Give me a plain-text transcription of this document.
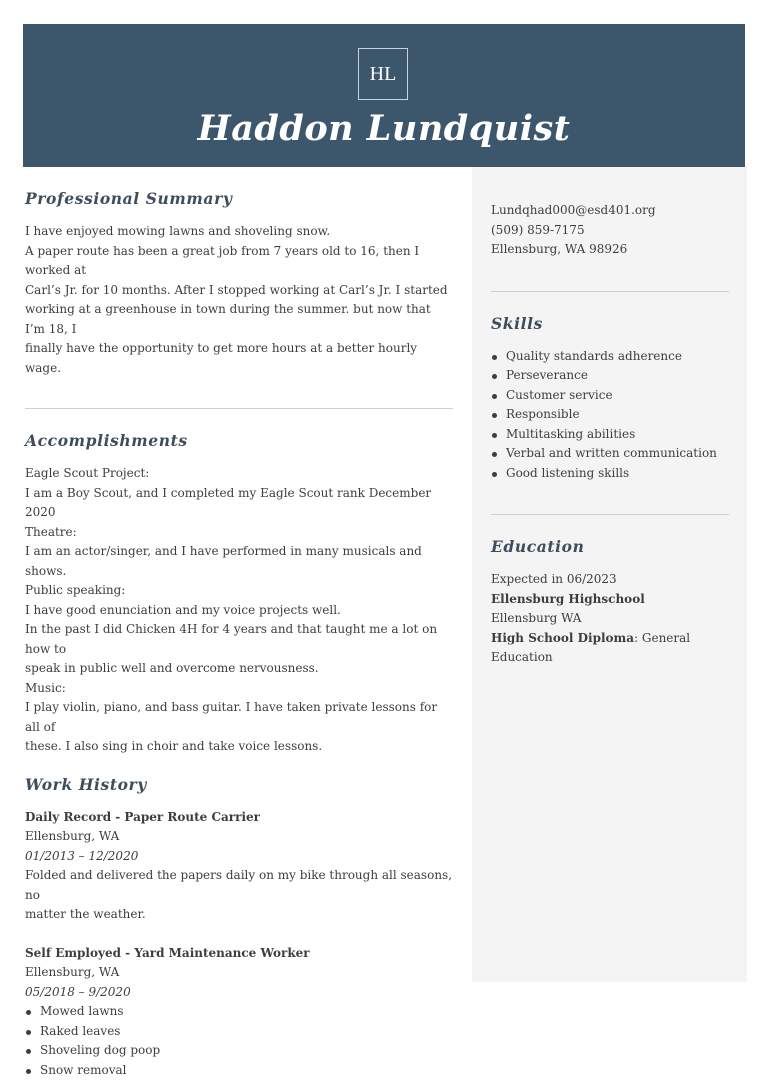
HL
Haddon Lundquist
Professional Summary

I have enjoyed mowing lawns and shoveling snow.

A paper route has been a great job from 7 years old to 16, then I worked at

Carl’s Jr. for 10 months. After I stopped working at Carl’s Jr. I started

working at a greenhouse in town during the summer. but now that I’m 18, I

finally have the opportunity to get more hours at a better hourly wage.

Accomplishments

Eagle Scout Project:

I am a Boy Scout, and I completed my Eagle Scout rank December 2020

Theatre:

I am an actor/singer, and I have performed in many musicals and shows.

Public speaking:

I have good enunciation and my voice projects well.

In the past I did Chicken 4H for 4 years and that taught me a lot on how to

speak in public well and overcome nervousness.

Music:

I play violin, piano, and bass guitar. I have taken private lessons for all of

these. I also sing in choir and take voice lessons.

Work History

Daily Record - Paper Route Carrier

Ellensburg, WA

01/2013 – 12/2020

Folded and delivered the papers daily on my bike through all seasons, no

matter the weather.

Self Employed - Yard Maintenance Worker

Ellensburg, WA

05/2018 – 9/2020

Mowed lawns
Raked leaves
Shoveling dog poop
Snow removal

Lundqhad000@esd401.org

(509) 859-7175

Ellensburg, WA 98926

Skills
Quality standards adherence
Perseverance
Customer service
Responsible
Multitasking abilities
Verbal and written communication
Good listening skills
Education

Expected in 06/2023

Ellensburg Highschool

Ellensburg WA

High School Diploma: General Education
